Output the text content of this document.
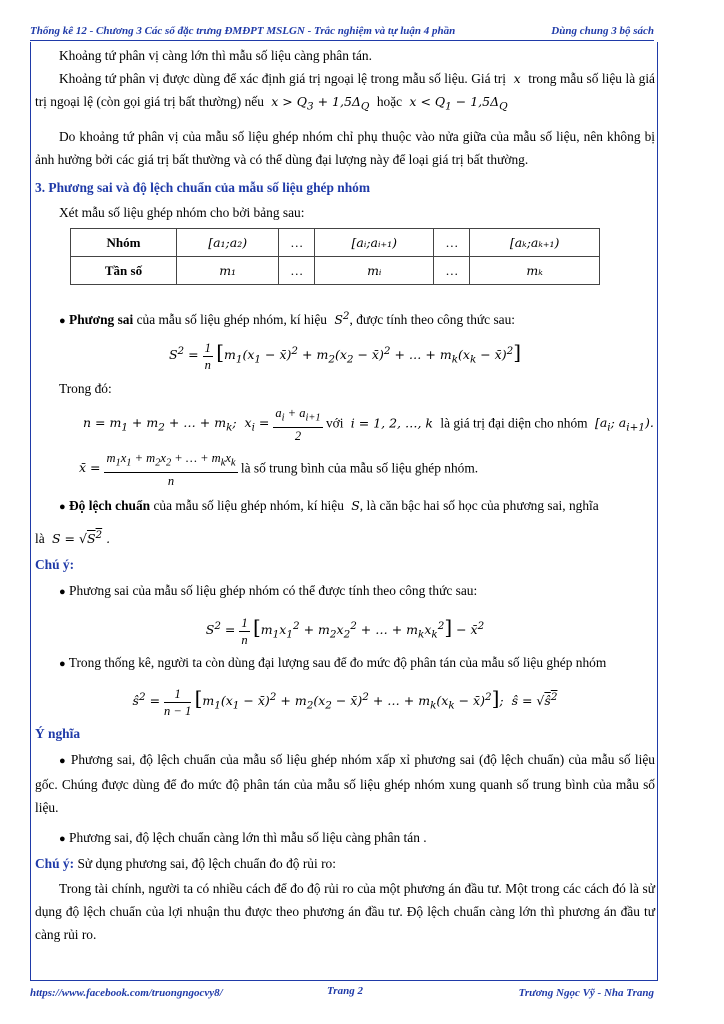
Thống kê 12 - Chương 3 Các số đặc trưng ĐMĐPT MSLGN - Trắc nghiệm và tự luận 4 phần	Dùng chung 3 bộ sách

Khoảng tứ phân vị càng lớn thì mẫu số liệu càng phân tán.

Khoảng tứ phân vị được dùng để xác định giá trị ngoại lệ trong mẫu số liệu. Giá trị  x  trong mẫu số liệu là giá trị ngoại lệ (còn gọi giá trị bất thường) nếu  $x > Q_3 + 1,5\Delta_Q$ hoặc  $x < Q_1 - 1,5\Delta_Q$

Do khoảng tứ phân vị của mẫu số liệu ghép nhóm chỉ phụ thuộc vào nửa giữa của mẫu số liệu, nên không bị ảnh hưởng bởi các giá trị bất thường và có thể dùng đại lượng này để loại giá trị bất thường.

3. Phương sai và độ lệch chuẩn của mẫu số liệu ghép nhóm

Xét mẫu số liệu ghép nhóm cho bởi bảng sau:

Nhóm	[a₁;a₂)	…	[aᵢ;aᵢ₊₁)	…	[aₖ;aₖ₊₁)
Tần số	m₁	…	mᵢ	…	mₖ

● Phương sai của mẫu số liệu ghép nhóm, kí hiệu  $S^2$, được tính theo công thức sau:

$S^2 = \frac{1}{n} [m_1(x_1$ − x̄)$^2$ + $m_2(x_2$ − x̄)$^2$ + … + $m_k(x_k$ − x̄)$^2$]

Trong đó:

$n = m_1 + m_2$ + … + $m_k$;  $x_i = \frac{a_i + a_{i+1}}{2}$ với  i = 1, 2, …, k  là giá trị đại diện cho nhóm  [$a_i$; $a_{i+1}$).
x̄ = $\frac{m_1x_1 + m_2x_2 + \dots + m_kx_k}{n}$ là số trung bình của mẫu số liệu ghép nhóm.

● Độ lệch chuẩn của mẫu số liệu ghép nhóm, kí hiệu  S, là căn bậc hai số học của phương sai, nghĩa

là  $S = √S^2$ .

Chú ý:

● Phương sai của mẫu số liệu ghép nhóm có thể được tính theo công thức sau:

$S^2 = \frac{1}{n} [m_1x_1^2 + m_2x_2^2$ + … + $m_kx_k^2$] − x̄$^2$

● Trong thống kê, người ta còn dùng đại lượng sau để đo mức độ phân tán của mẫu số liệu ghép nhóm

$ŝ^2 = \frac{1}{n - 1} [m_1(x_1$ − x̄)$^2$ + $m_2(x_2$ − x̄)$^2$ + … + $m_k(x_k$ − x̄)$^2$];  ŝ = $√ŝ^2$

Ý nghĩa

● Phương sai, độ lệch chuẩn của mẫu số liệu ghép nhóm xấp xỉ phương sai (độ lệch chuẩn) của mẫu số liệu gốc. Chúng được dùng để đo mức độ phân tán của mẫu số liệu ghép nhóm xung quanh số trung bình của mẫu số liệu.

● Phương sai, độ lệch chuẩn càng lớn thì mẫu số liệu càng phân tán .

Chú ý: Sử dụng phương sai, độ lệch chuẩn đo độ rủi ro:

Trong tài chính, người ta có nhiều cách để đo độ rủi ro của một phương án đầu tư. Một trong các cách đó là sử dụng độ lệch chuẩn của lợi nhuận thu được theo phương án đầu tư. Độ lệch chuẩn càng lớn thì phương án đầu tư càng rủi ro.

https://www.facebook.com/truongngocvy8/	Trang 2	Trương Ngọc Vỹ - Nha Trang
